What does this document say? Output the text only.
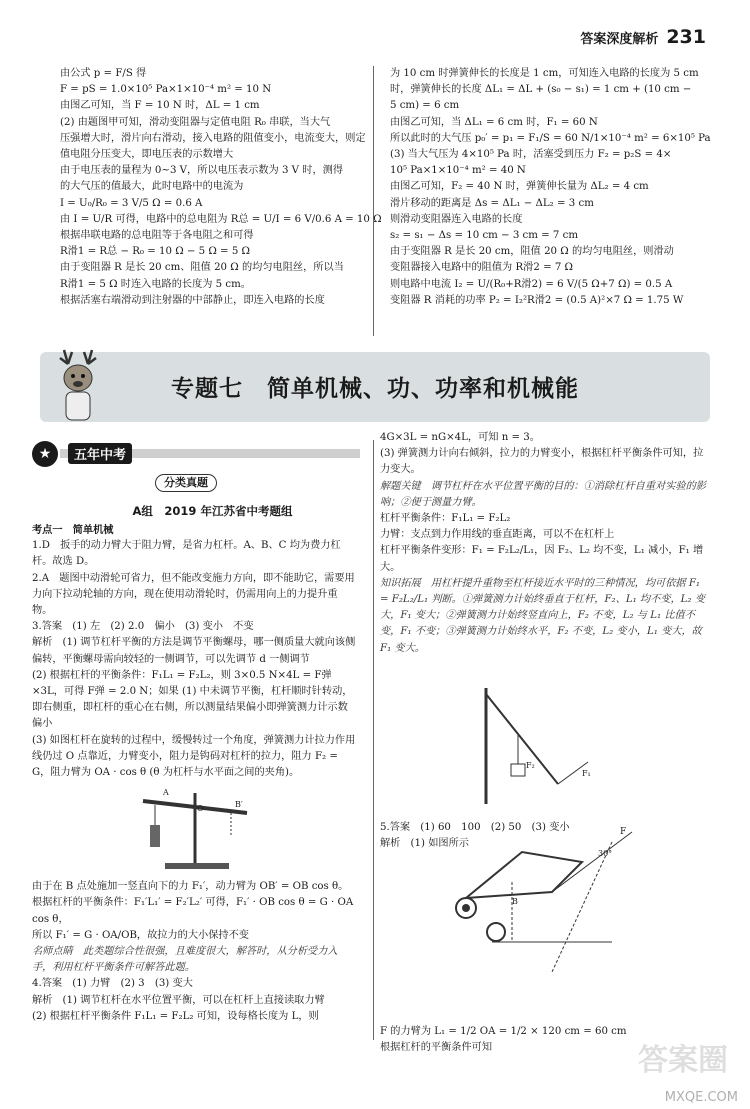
答案深度解析 231

由公式 p = F/S 得

F = pS = 1.0×10⁵ Pa×1×10⁻⁴ m² = 10 N

由图乙可知，当 F = 10 N 时，ΔL = 1 cm

(2) 由题图甲可知，滑动变阻器与定值电阻 R₀ 串联，当大气

压强增大时，滑片向右滑动，接入电路的阻值变小，电流变大，则定

值电阻分压变大，即电压表的示数增大

由于电压表的量程为 0~3 V，所以电压表示数为 3 V 时，测得

的大气压的值最大，此时电路中的电流为

I = U₀/R₀ = 3 V/5 Ω = 0.6 A

由 I = U/R 可得，电路中的总电阻为 R总 = U/I = 6 V/0.6 A = 10 Ω

根据串联电路的总电阻等于各电阻之和可得

R滑1 = R总 − R₀ = 10 Ω − 5 Ω = 5 Ω

由于变阻器 R 是长 20 cm、阻值 20 Ω 的均匀电阻丝，所以当

R滑1 = 5 Ω 时连入电路的长度为 5 cm。

根据活塞右端滑动到注射器的中部静止，即连入电路的长度

为 10 cm 时弹簧伸长的长度是 1 cm，可知连入电路的长度为 5 cm

时，弹簧伸长的长度 ΔL₁ = ΔL + (s₀ − s₁) = 1 cm + (10 cm −

5 cm) = 6 cm

由图乙可知，当 ΔL₁ = 6 cm 时，F₁ = 60 N

所以此时的大气压 p₀′ = p₁ = F₁/S = 60 N/1×10⁻⁴ m² = 6×10⁵ Pa

(3) 当大气压为 4×10⁵ Pa 时，活塞受到压力 F₂ = p₂S = 4×

10⁵ Pa×1×10⁻⁴ m² = 40 N

由图乙可知，F₂ = 40 N 时，弹簧伸长量为 ΔL₂ = 4 cm

滑片移动的距离是 Δs = ΔL₁ − ΔL₂ = 3 cm

则滑动变阻器连入电路的长度

s₂ = s₁ − Δs = 10 cm − 3 cm = 7 cm

由于变阻器 R 是长 20 cm，阻值 20 Ω 的均匀电阻丝，则滑动

变阻器接入电路中的阻值为 R滑2 = 7 Ω

则电路中电流 I₂ = U/(R₀+R滑2) = 6 V/(5 Ω+7 Ω) = 0.5 A

变阻器 R 消耗的功率 P₂ = I₂²R滑2 = (0.5 A)²×7 Ω = 1.75 W

专题七　简单机械、功、功率和机械能
★	五年中考
分类真题
A组　2019 年江苏省中考题组

考点一　简单机械

1.D　扳手的动力臂大于阻力臂，是省力杠杆。A、B、C 均为费力杠杆。故选 D。

2.A　题图中动滑轮可省力，但不能改变施力方向，即不能助它，需要用力向下拉动轮轴的方向，现在使用动滑轮时，仍需用向上的力提升重物。

3.答案　(1) 左　(2) 2.0　偏小　(3) 变小　不变

解析　(1) 调节杠杆平衡的方法是调节平衡螺母，哪一侧质量大就向该侧偏转，平衡螺母需向较轻的一侧调节，可以先调节 d 一侧调节

(2) 根据杠杆的平衡条件：F₁L₁ = F₂L₂，则 3×0.5 N×4L = F弹×3L，可得 F弹 = 2.0 N；如果 (1) 中未调节平衡，杠杆顺时针转动，即右侧重，即杠杆的重心在右侧，所以测量结果偏小即弹簧测力计示数偏小

(3) 如图杠杆在旋转的过程中，缓慢转过一个角度，弹簧测力计拉力作用线仍过 O 点靠近，力臂变小，阻力是钩码对杠杆的拉力，阻力 F₂ = G，阻力臂为 OA · cos θ (θ 为杠杆与水平面之间的夹角)。

由于在 B 点处施加一竖直向下的力 F₁′，动力臂为 OB′ = OB cos θ。

根据杠杆的平衡条件：F₁′L₁′ = F₂′L₂′ 可得，F₁′ · OB cos θ = G · OA cos θ，

所以 F₁′ = G · OA/OB，故拉力的大小保持不变

名师点睛　此类题综合性很强，且难度很大，解答时，从分析受力入手，利用杠杆平衡条件可解答此题。

4.答案　(1) 力臂　(2) 3　(3) 变大

解析　(1) 调节杠杆在水平位置平衡，可以在杠杆上直接读取力臂

(2) 根据杠杆平衡条件 F₁L₁ = F₂L₂ 可知，设每格长度为 L，则

A
B′
O

4G×3L = nG×4L，可知 n = 3。

(3) 弹簧测力计向右倾斜，拉力的力臂变小，根据杠杆平衡条件可知，拉力变大。

解题关键　调节杠杆在水平位置平衡的目的：①消除杠杆自重对实验的影响；②便于测量力臂。

杠杆平衡条件：F₁L₁ = F₂L₂

力臂：支点到力作用线的垂直距离，可以不在杠杆上

杠杆平衡条件变形：F₁ = F₂L₂/L₁，因 F₂、L₂ 均不变，L₁ 减小，F₁ 增大。

知识拓展　用杠杆提升重物至杠杆接近水平时的三种情况，均可依据 F₁ = F₂L₂/L₁ 判断。①弹簧测力计始终垂直于杠杆，F₂、L₁ 均不变，L₂ 变大，F₁ 变大；②弹簧测力计始终竖直向上，F₂ 不变，L₂ 与 L₁ 比值不变，F₁ 不变；③弹簧测力计始终水平，F₂ 不变，L₂ 变小，L₁ 变大，故 F₁ 变大。

F₂
F₁

5.答案　(1) 60　100　(2) 50　(3) 变小

解析　(1) 如图所示

F
B
30°

F 的力臂为 L₁ = 1/2 OA = 1/2 × 120 cm = 60 cm

根据杠杆的平衡条件可知	答案圈
MXQE.COM
